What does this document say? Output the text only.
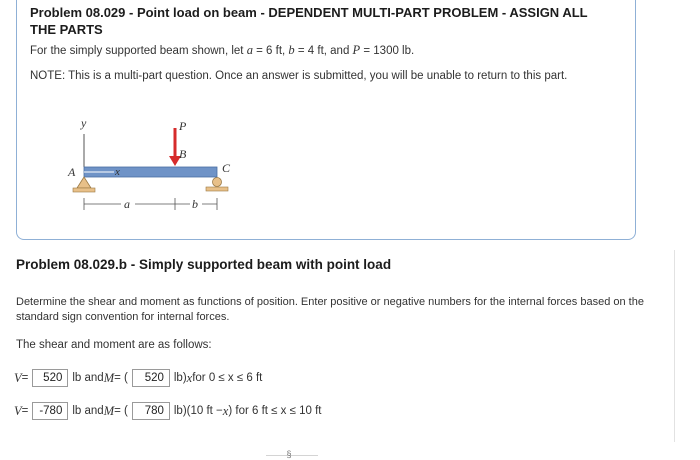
Problem 08.029 - Point load on beam - DEPENDENT MULTI-PART PROBLEM - ASSIGN ALL THE PARTS
For the simply supported beam shown, let a = 6 ft, b = 4 ft, and P = 1300 lb.
NOTE: This is a multi-part question. Once an answer is submitted, you will be unable to return to this part.
y
x
A	C
P
B
a	b
Problem 08.029.b - Simply supported beam with point load
Determine the shear and moment as functions of position. Enter positive or negative numbers for the internal forces based on the standard sign convention for internal forces.
The shear and moment are as follows:
V =	520 lb and M = (	520 lb) x for 0 ≤ x ≤ 6 ft
V = -780 lb and M = (	780 lb)(10 ft − x ) for 6 ft ≤ x ≤ 10 ft
§
